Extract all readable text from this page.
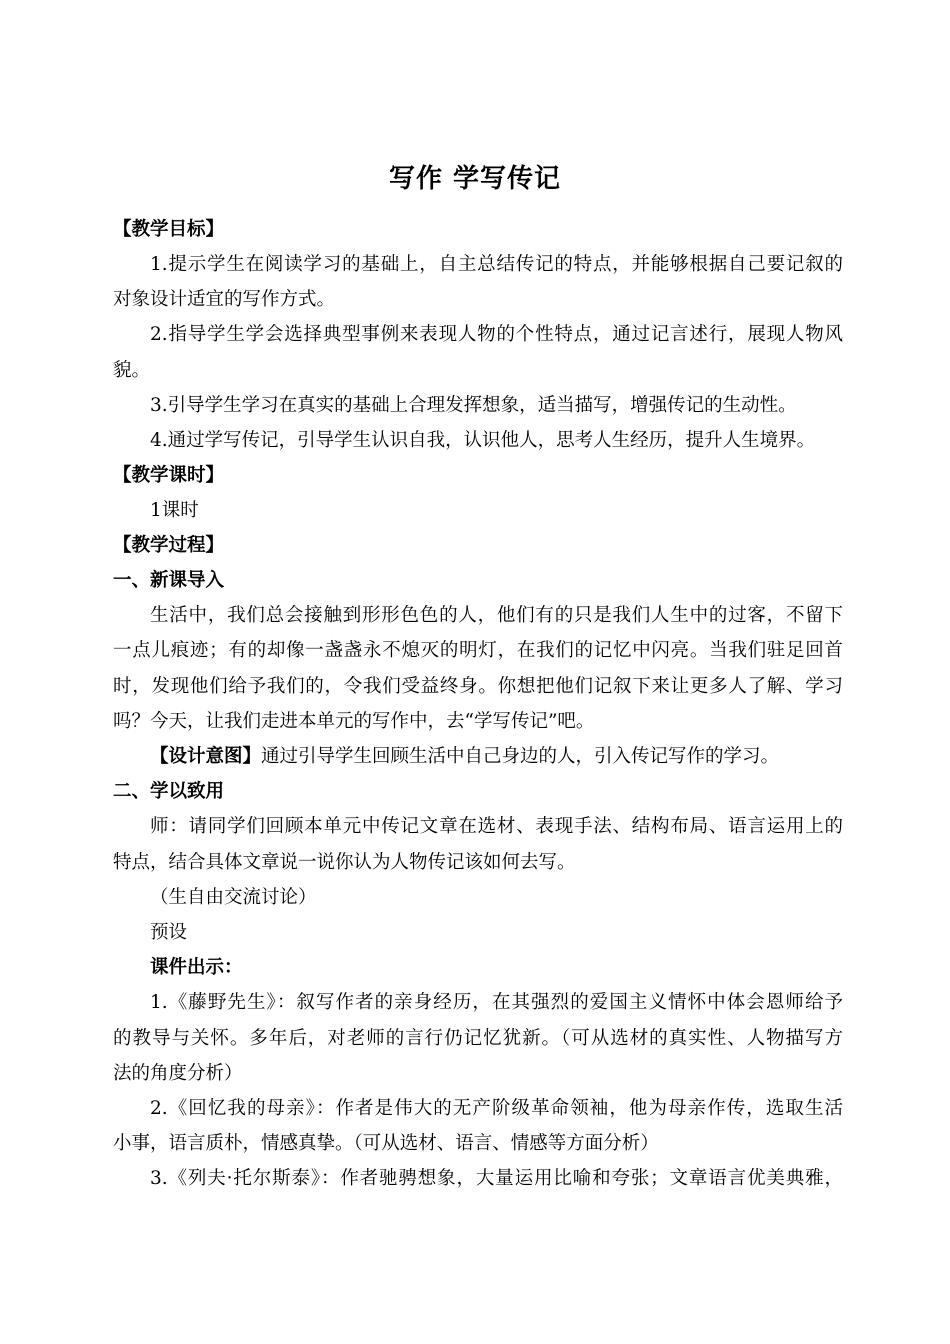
写作 学写传记
【教学目标】
1.提示学生在阅读学习的基础上，自主总结传记的特点，并能够根据自己要记叙的
对象设计适宜的写作方式。
2.指导学生学会选择典型事例来表现人物的个性特点，通过记言述行，展现人物风
貌。
3.引导学生学习在真实的基础上合理发挥想象，适当描写，增强传记的生动性。
4.通过学写传记，引导学生认识自我，认识他人，思考人生经历，提升人生境界。
【教学课时】
1课时
【教学过程】
一、新课导入
生活中，我们总会接触到形形色色的人，他们有的只是我们人生中的过客，不留下
一点儿痕迹；有的却像一盏盏永不熄灭的明灯，在我们的记忆中闪亮。当我们驻足回首
时，发现他们给予我们的，令我们受益终身。你想把他们记叙下来让更多人了解、学习
吗？今天，让我们走进本单元的写作中，去“学写传记”吧。
【设计意图】通过引导学生回顾生活中自己身边的人，引入传记写作的学习。
二、学以致用
师：请同学们回顾本单元中传记文章在选材、表现手法、结构布局、语言运用上的
特点，结合具体文章说一说你认为人物传记该如何去写。
（生自由交流讨论）
预设
课件出示：
1.《藤野先生》：叙写作者的亲身经历，在其强烈的爱国主义情怀中体会恩师给予
的教导与关怀。多年后，对老师的言行仍记忆犹新。（可从选材的真实性、人物描写方
法的角度分析）
2.《回忆我的母亲》：作者是伟大的无产阶级革命领袖，他为母亲作传，选取生活
小事，语言质朴，情感真挚。（可从选材、语言、情感等方面分析）
3.《列夫·托尔斯泰》：作者驰骋想象，大量运用比喻和夸张；文章语言优美典雅，
